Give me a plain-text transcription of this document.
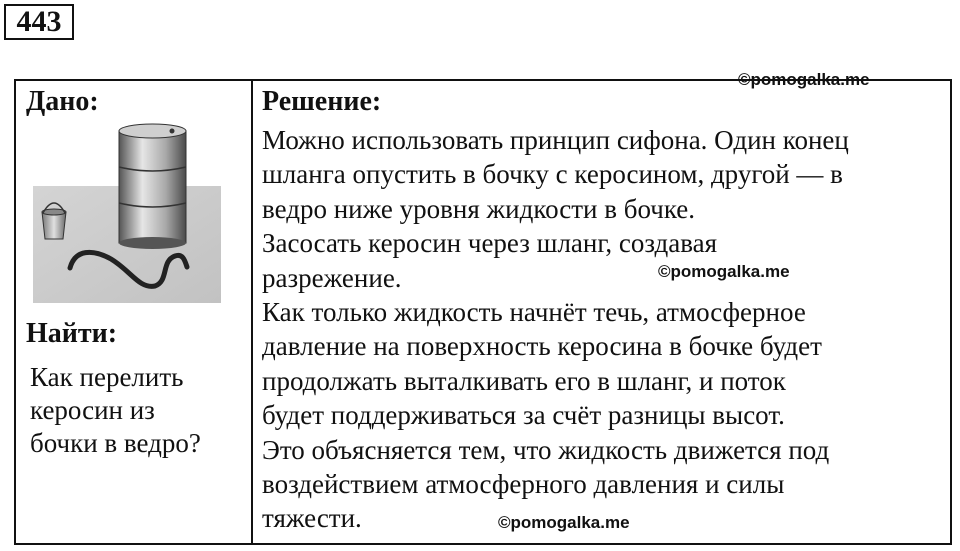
443
Дано:
Найти:
Как перелить
керосин из
бочки в ведро?
Решение:
Можно использовать принцип сифона. Один конец
шланга опустить в бочку с керосином, другой — в
ведро ниже уровня жидкости в бочке.
Засосать керосин через шланг, создавая
разрежение.
Как только жидкость начнёт течь, атмосферное
давление на поверхность керосина в бочке будет
продолжать выталкивать его в шланг, и поток
будет поддерживаться за счёт разницы высот.
Это объясняется тем, что жидкость движется под
воздействием атмосферного давления и силы
тяжести.
©pomogalka.me
©pomogalka.me
©pomogalka.me
